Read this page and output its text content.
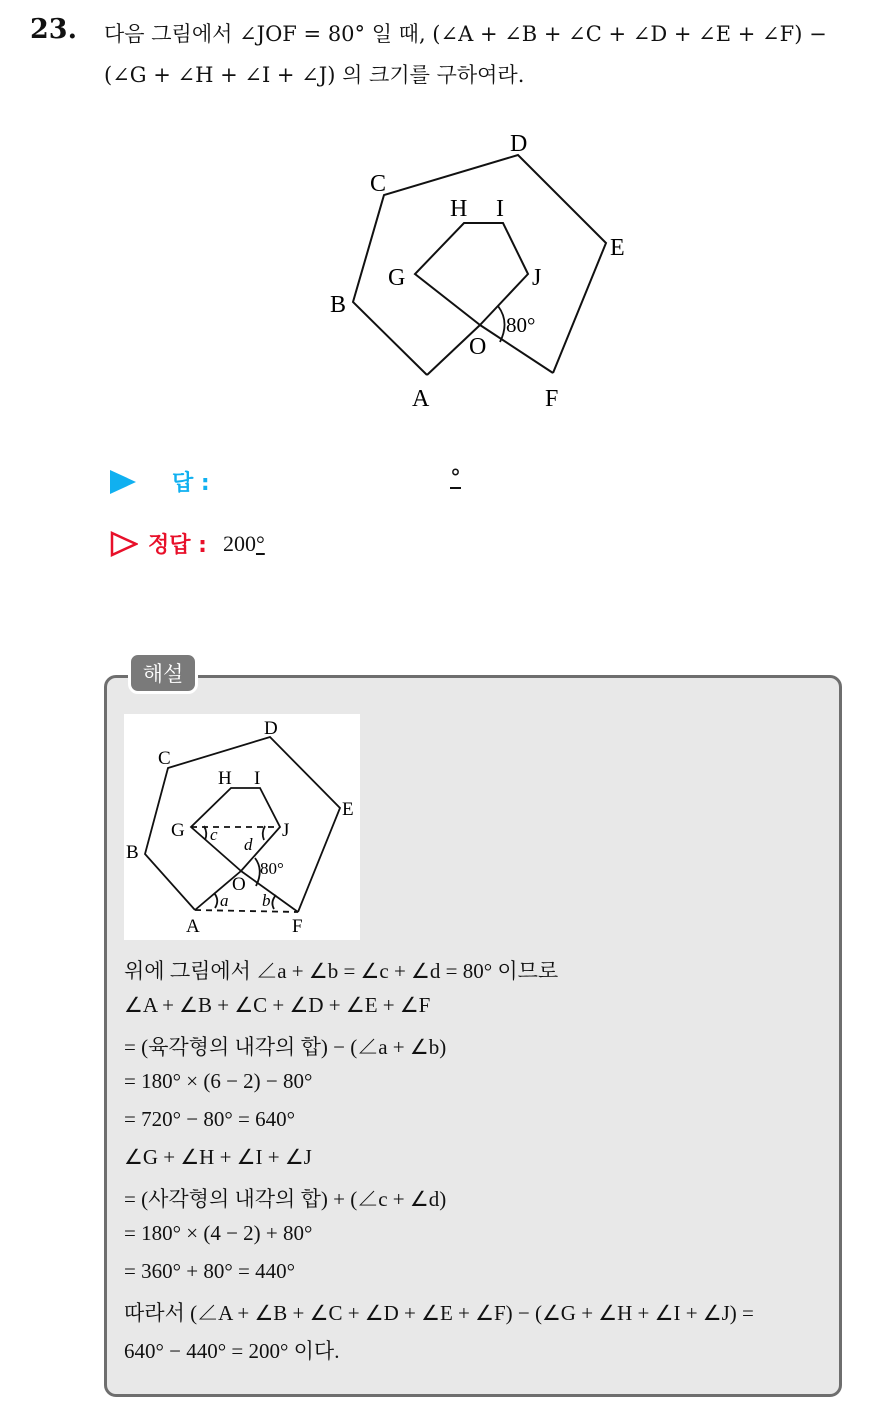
23. 다음 그림에서 ∠JOF = 80° 일 때, (∠A + ∠B + ∠C + ∠D + ∠E + ∠F) −
(∠G + ∠H + ∠I + ∠J) 의 크기를 구하여라.
A
B
C
D
E
F
G
H I
J
O
80°
답 :	°
정답 : 200°
해설
A
B
C
D
E
F
G
H I
J
O
a b
c
d
80°
위에 그림에서 ∠a + ∠b = ∠c + ∠d = 80° 이므로
∠A + ∠B + ∠C + ∠D + ∠E + ∠F
= (육각형의 내각의 합) − (∠a + ∠b)
= 180° × (6 − 2) − 80°
= 720° − 80° = 640°
∠G + ∠H + ∠I + ∠J
= (사각형의 내각의 합) + (∠c + ∠d)
= 180° × (4 − 2) + 80°
= 360° + 80° = 440°
따라서 (∠A + ∠B + ∠C + ∠D + ∠E + ∠F) − (∠G + ∠H + ∠I + ∠J) =
640° − 440° = 200° 이다.
